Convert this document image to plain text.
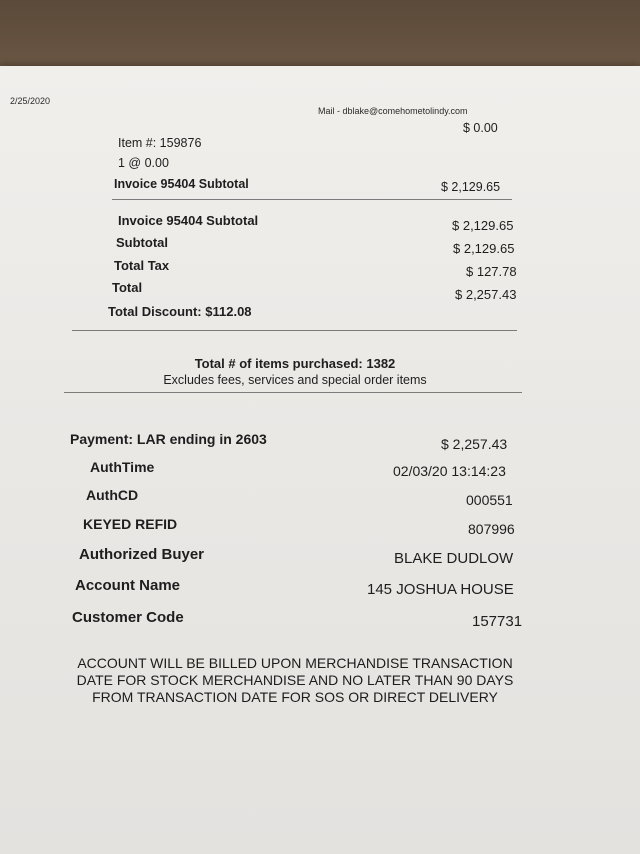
2/25/2020
Mail - dblake@comehometolindy.com
$ 0.00
Item #: 159876
1 @ 0.00
Invoice 95404 Subtotal	$ 2,129.65
Invoice 95404 Subtotal	$ 2,129.65
Subtotal	$ 2,129.65
Total Tax	$ 127.78
Total	$ 2,257.43
Total Discount: $112.08
Total # of items purchased: 1382
Excludes fees, services and special order items
Payment: LAR ending in 2603	$ 2,257.43
AuthTime	02/03/20 13:14:23
AuthCD	000551
KEYED REFID	807996
Authorized Buyer	BLAKE DUDLOW
Account Name	145 JOSHUA HOUSE
Customer Code	157731
ACCOUNT WILL BE BILLED UPON MERCHANDISE TRANSACTION
DATE FOR STOCK MERCHANDISE AND NO LATER THAN 90 DAYS
FROM TRANSACTION DATE FOR SOS OR DIRECT DELIVERY
